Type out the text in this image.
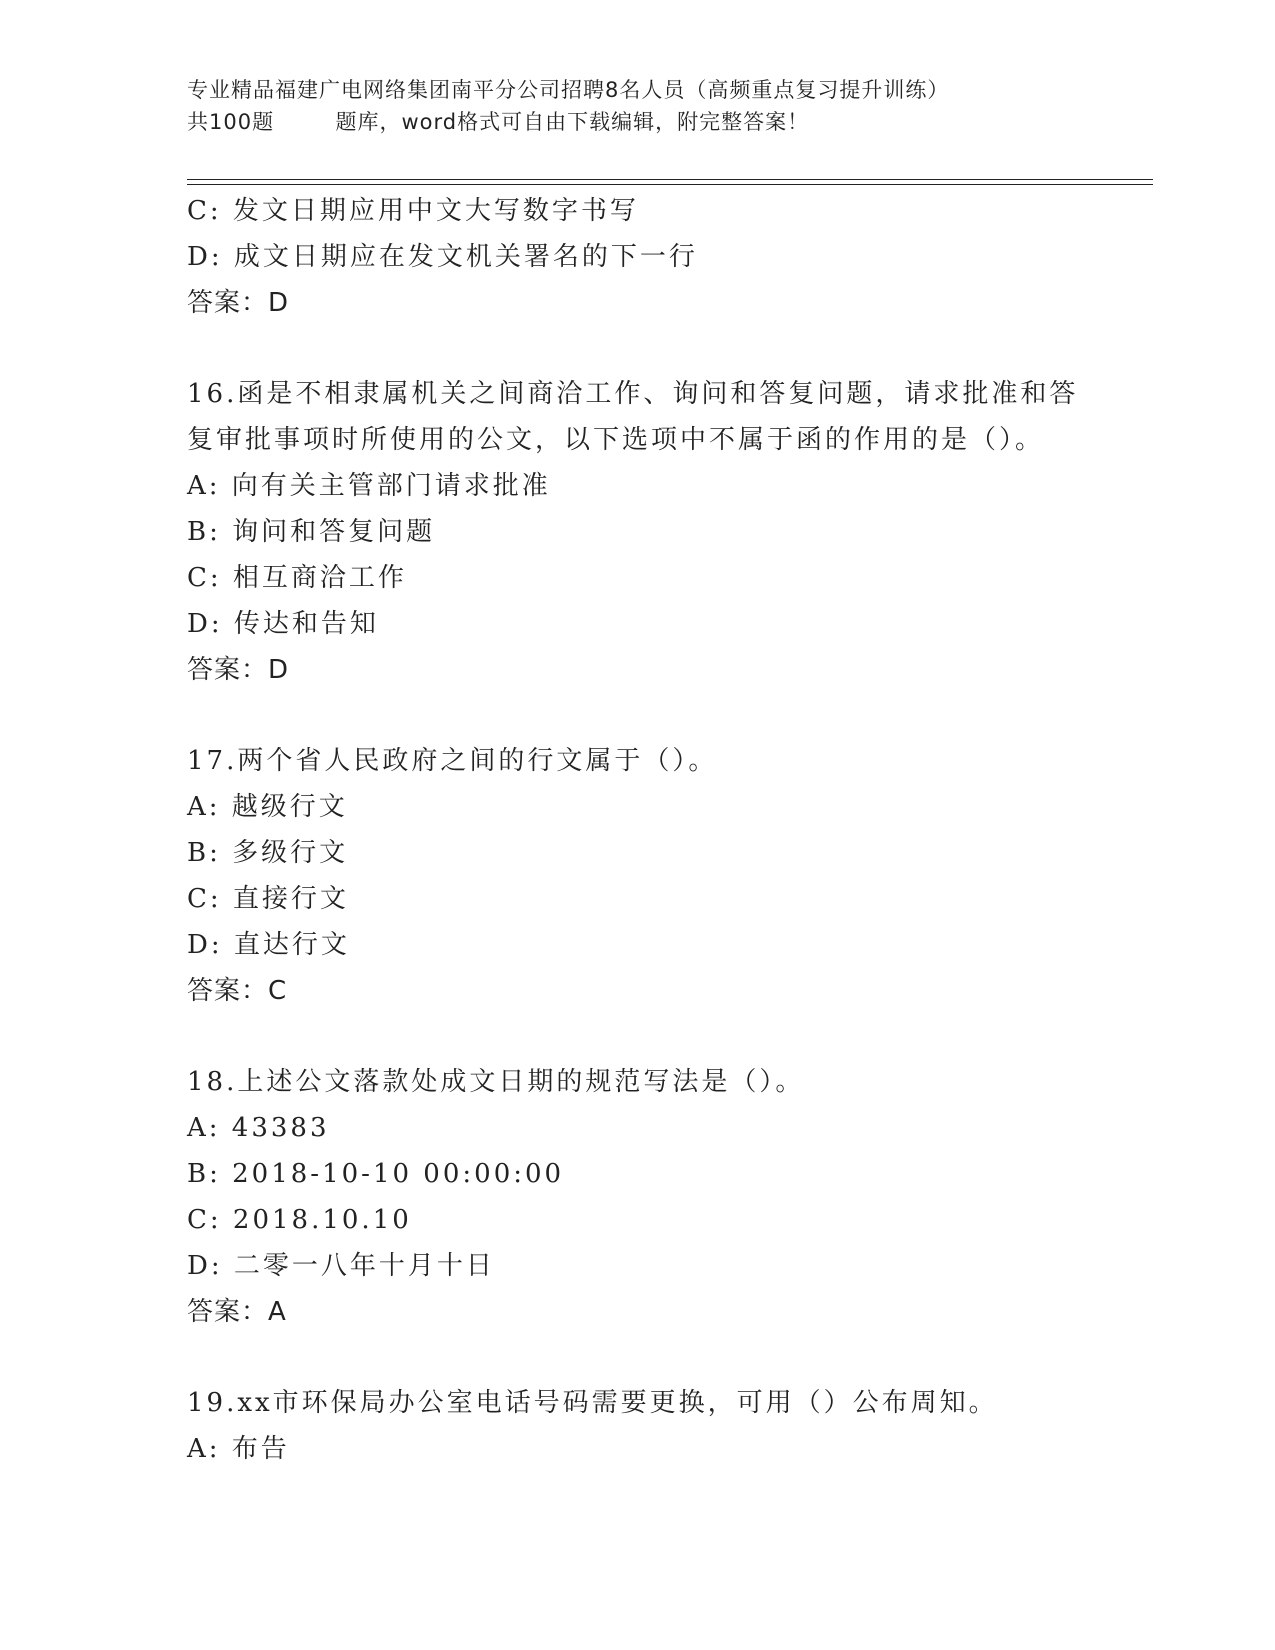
专业精品福建广电网络集团南平分公司招聘8名人员（高频重点复习提升训练）
共100题        题库，word格式可自由下载编辑，附完整答案！
C: 发文日期应用中文大写数字书写
D: 成文日期应在发文机关署名的下一行
答案：D
16.函是不相隶属机关之间商洽工作、询问和答复问题，请求批准和答
复审批事项时所使用的公文，以下选项中不属于函的作用的是（）。
A: 向有关主管部门请求批准
B: 询问和答复问题
C: 相互商洽工作
D: 传达和告知
答案：D
17.两个省人民政府之间的行文属于（）。
A: 越级行文
B: 多级行文
C: 直接行文
D: 直达行文
答案：C
18.上述公文落款处成文日期的规范写法是（）。
A: 43383
B: 2018-10-10 00:00:00
C: 2018.10.10
D: 二零一八年十月十日
答案：A
19.xx市环保局办公室电话号码需要更换，可用（）公布周知。
A: 布告
